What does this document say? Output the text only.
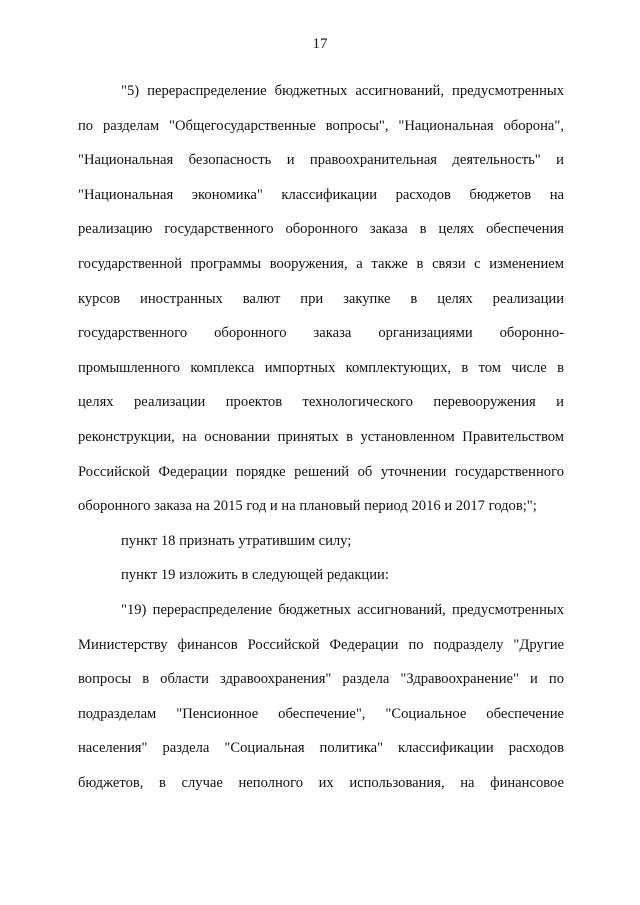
17
"5) перераспределение бюджетных ассигнований, предусмотренных
по разделам "Общегосударственные вопросы", "Национальная оборона",
"Национальная безопасность и правоохранительная деятельность" и
"Национальная экономика" классификации расходов бюджетов на
реализацию государственного оборонного заказа в целях обеспечения
государственной программы вооружения, а также в связи с изменением
курсов иностранных валют при закупке в целях реализации
государственного оборонного заказа организациями оборонно-
промышленного комплекса импортных комплектующих, в том числе в
целях реализации проектов технологического перевооружения и
реконструкции, на основании принятых в установленном Правительством
Российской Федерации порядке решений об уточнении государственного
оборонного заказа на 2015 год и на плановый период 2016 и 2017 годов;";
пункт 18 признать утратившим силу;
пункт 19 изложить в следующей редакции:
"19) перераспределение бюджетных ассигнований, предусмотренных
Министерству финансов Российской Федерации по подразделу "Другие
вопросы в области здравоохранения" раздела "Здравоохранение" и по
подразделам "Пенсионное обеспечение", "Социальное обеспечение
населения" раздела "Социальная политика" классификации расходов
бюджетов, в случае неполного их использования, на финансовое
